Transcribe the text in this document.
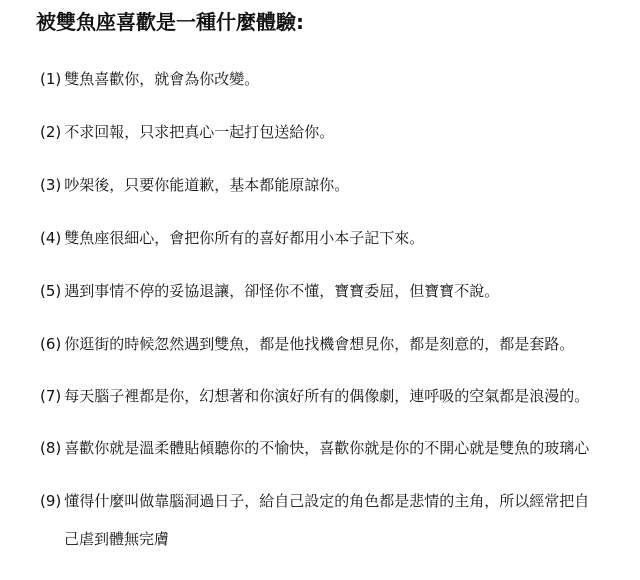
被雙魚座喜歡是一種什麼體驗:
(1) 雙魚喜歡你，就會為你改變。
(2) 不求回報，只求把真心一起打包送給你。
(3) 吵架後，只要你能道歉，基本都能原諒你。
(4) 雙魚座很細心，會把你所有的喜好都用小本子記下來。
(5) 遇到事情不停的妥協退讓，卻怪你不懂，寶寶委屈，但寶寶不說。
(6) 你逛街的時候忽然遇到雙魚，都是他找機會想見你，都是刻意的，都是套路。
(7) 每天腦子裡都是你，幻想著和你演好所有的偶像劇，連呼吸的空氣都是浪漫的。
(8) 喜歡你就是溫柔體貼傾聽你的不愉快，喜歡你就是你的不開心就是雙魚的玻璃心
(9) 懂得什麼叫做靠腦洞過日子，給自己設定的角色都是悲情的主角，所以經常把自
己虐到體無完膚
